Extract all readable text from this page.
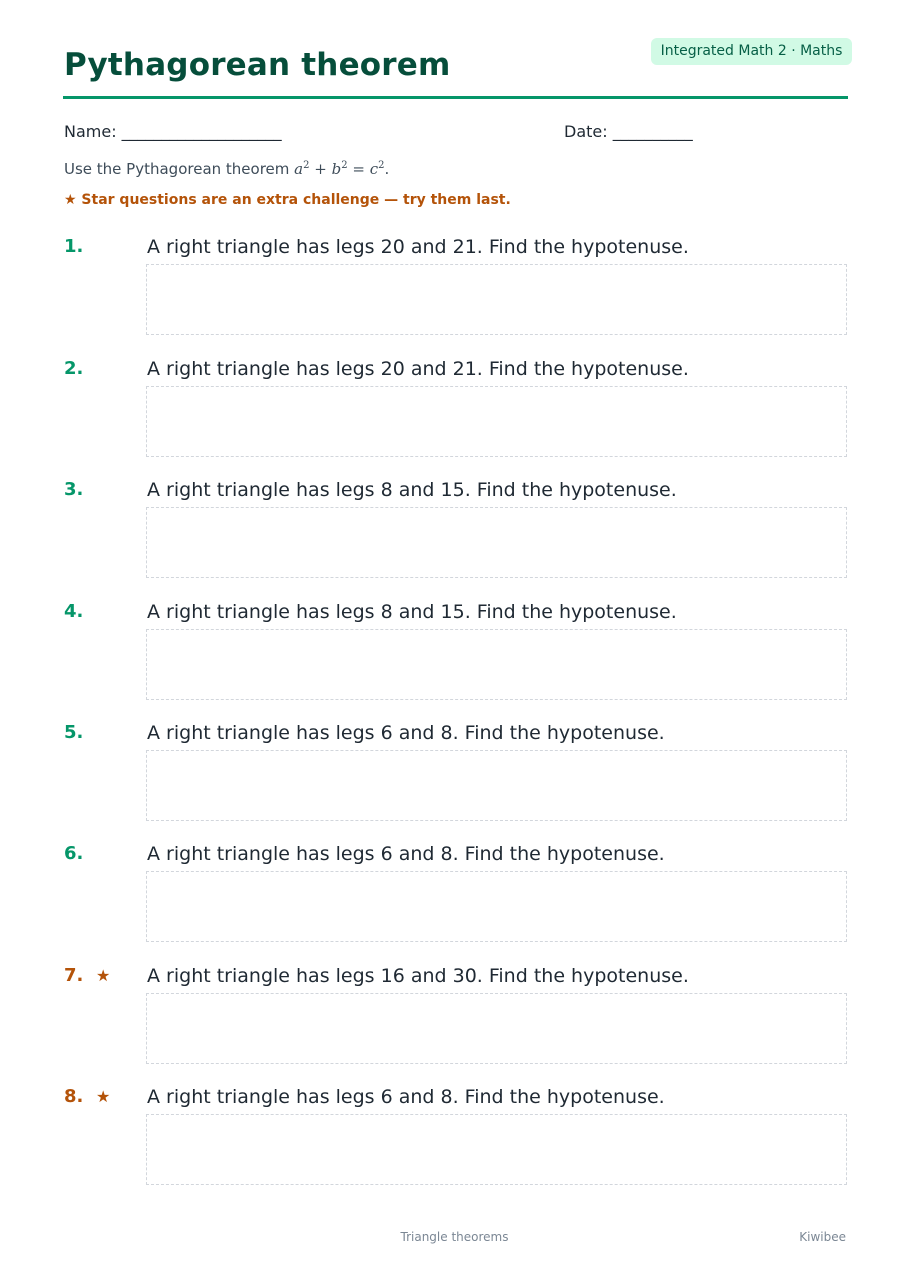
Integrated Math 2 · Maths
Pythagorean theorem
Name: ____________________	Date: __________
Use the Pythagorean theorem $a^2 + b^2 = c^2$.
★ Star questions are an extra challenge — try them last.
1.	A right triangle has legs 20 and 21. Find the hypotenuse.
2.	A right triangle has legs 20 and 21. Find the hypotenuse.
3.	A right triangle has legs 8 and 15. Find the hypotenuse.
4.	A right triangle has legs 8 and 15. Find the hypotenuse.
5.	A right triangle has legs 6 and 8. Find the hypotenuse.
6.	A right triangle has legs 6 and 8. Find the hypotenuse.
7. ★ A right triangle has legs 16 and 30. Find the hypotenuse.
8. ★ A right triangle has legs 6 and 8. Find the hypotenuse.
Triangle theorems	Kiwibee
